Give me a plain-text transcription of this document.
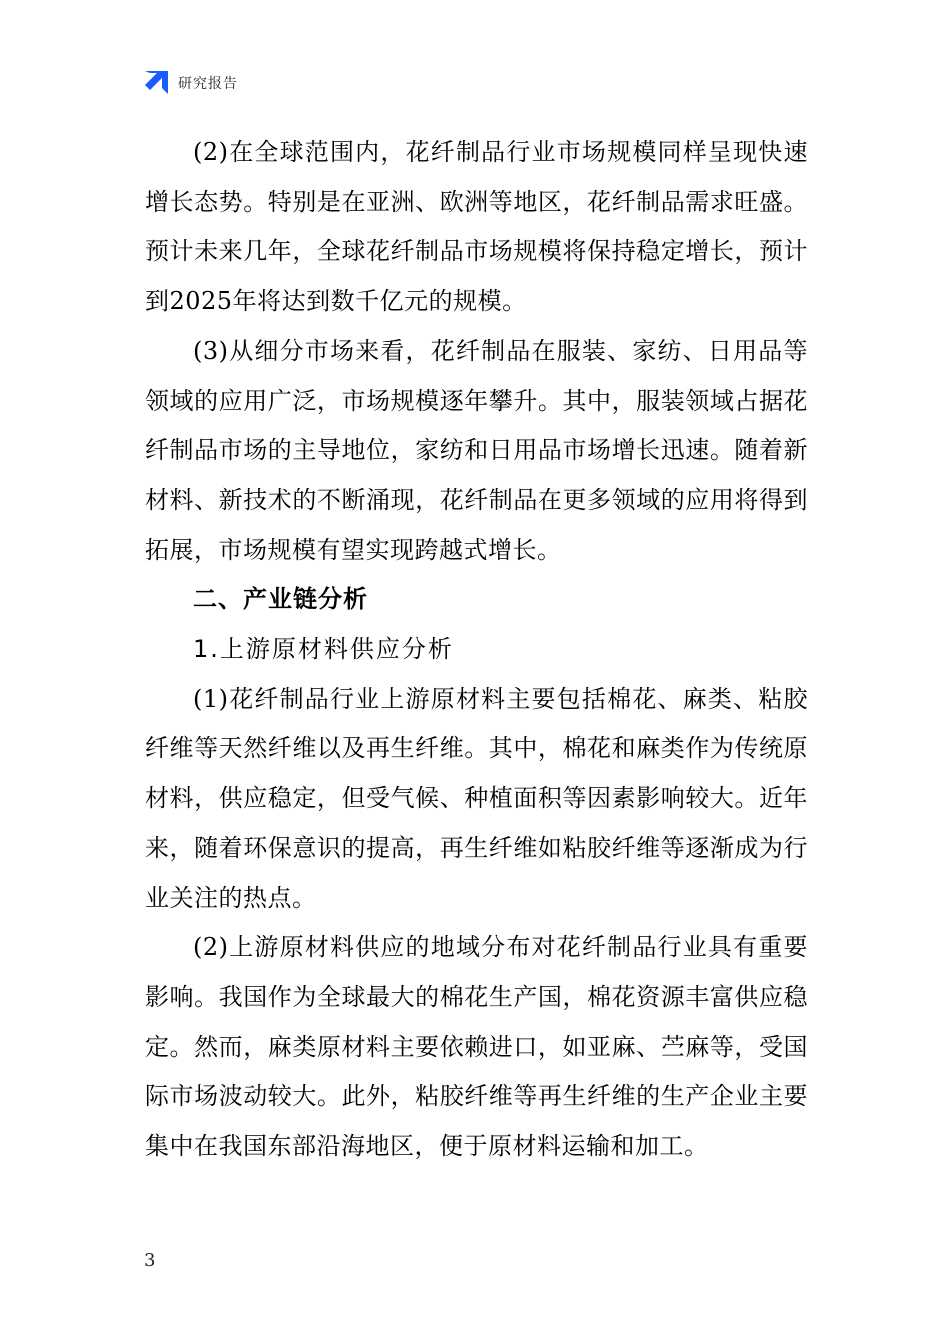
研究报告

(2)在全球范围内，花纤制品行业市场规模同样呈现快速增长态势。特别是在亚洲、欧洲等地区，花纤制品需求旺盛。预计未来几年，全球花纤制品市场规模将保持稳定增长，预计到2025年将达到数千亿元的规模。

(3)从细分市场来看，花纤制品在服装、家纺、日用品等领域的应用广泛，市场规模逐年攀升。其中，服装领域占据花纤制品市场的主导地位，家纺和日用品市场增长迅速。随着新材料、新技术的不断涌现，花纤制品在更多领域的应用将得到拓展，市场规模有望实现跨越式增长。

二、产业链分析

1.上游原材料供应分析

(1)花纤制品行业上游原材料主要包括棉花、麻类、粘胶纤维等天然纤维以及再生纤维。其中，棉花和麻类作为传统原材料，供应稳定，但受气候、种植面积等因素影响较大。近年来，随着环保意识的提高，再生纤维如粘胶纤维等逐渐成为行业关注的热点。

(2)上游原材料供应的地域分布对花纤制品行业具有重要影响。我国作为全球最大的棉花生产国，棉花资源丰富供应稳定。然而，麻类原材料主要依赖进口，如亚麻、苎麻等，受国际市场波动较大。此外，粘胶纤维等再生纤维的生产企业主要集中在我国东部沿海地区，便于原材料运输和加工。

3
